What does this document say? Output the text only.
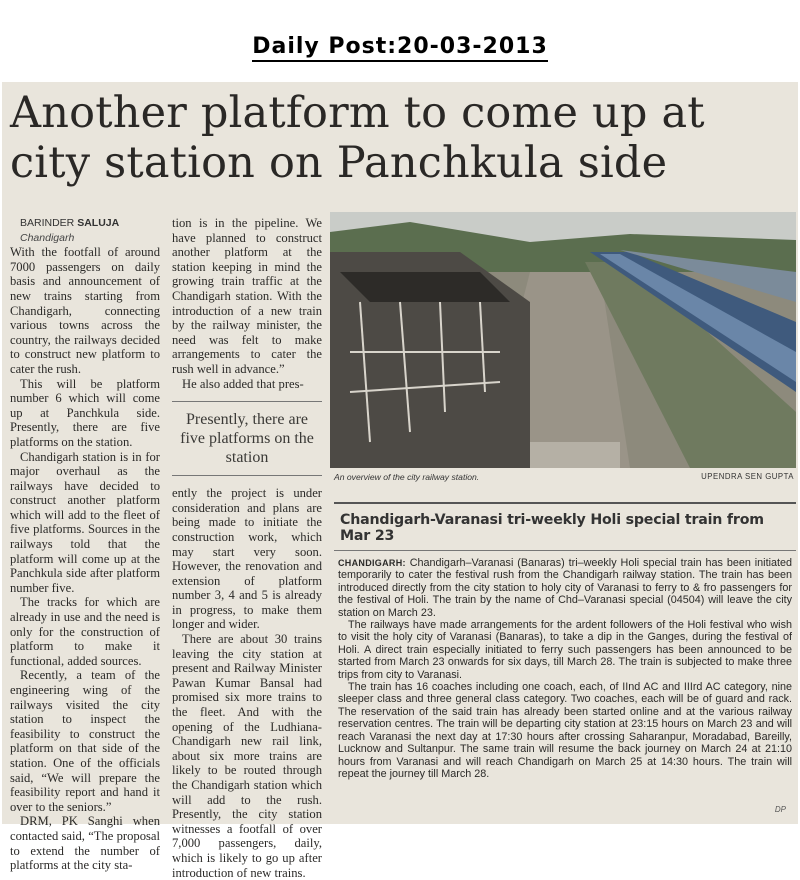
Daily Post:20-03-2013
Another platform to come up at city station on Panchkula side

BARINDER SALUJA

Chandigarh

With the footfall of around 7000 passengers on daily basis and announcement of new trains starting from Chandigarh, connecting various towns across the country, the railways decided to construct new platform to cater the rush.

This will be platform number 6 which will come up at Panchkula side. Presently, there are five platforms on the station.

Chandigarh station is in for major overhaul as the railways have decided to construct another platform which will add to the fleet of five platforms. Sources in the railways told that the platform will come up at the Panchkula side after platform number five.

The tracks for which are already in use and the need is only for the construction of platform to make it functional, added sources.

Recently, a team of the engineering wing of the railways visited the city station to inspect the feasibility to construct the platform on that side of the station. One of the officials said, “We will prepare the feasibility report and hand it over to the seniors.”

DRM, PK Sanghi when contacted said, “The proposal to extend the number of platforms at the city sta-

tion is in the pipeline. We have planned to construct another platform at the station keeping in mind the growing train traffic at the Chandigarh station. With the introduction of a new train by the railway minister, the need was felt to make arrangements to cater the rush well in advance.”

He also added that pres-

Presently, there are five platforms on the station

ently the project is under consideration and plans are being made to initiate the construction work, which may start very soon. However, the renovation and extension of platform number 3, 4 and 5 is already in progress, to make them longer and wider.

There are about 30 trains leaving the city station at present and Railway Minister Pawan Kumar Bansal had promised six more trains to the fleet. And with the opening of the Ludhiana-Chandigarh new rail link, about six more trains are likely to be routed through the Chandigarh station which will add to the rush. Presently, the city station witnesses a footfall of over 7,000 passengers, daily, which is likely to go up after introduction of new trains.

An overview of the city railway station.	UPENDRA SEN GUPTA
Chandigarh-Varanasi tri-weekly Holi special train from Mar 23

CHANDIGARH: Chandigarh–Varanasi (Banaras) tri–weekly Holi special train has been initiated temporarily to cater the festival rush from the Chandigarh railway station. The train has been introduced directly from the city station to holy city of Varanasi to ferry to & fro passengers for the festival of Holi. The train by the name of Chd–Varanasi special (04504) will leave the city station on March 23.

The railways have made arrangements for the ardent followers of the Holi festival who wish to visit the holy city of Varanasi (Banaras), to take a dip in the Ganges, during the festival of Holi. A direct train especially initiated to ferry such passengers has been announced to be started from March 23 onwards for six days, till March 28. The train is subjected to make three trips from city to Varanasi.

The train has 16 coaches including one coach, each, of IInd AC and IIIrd AC category, nine sleeper class and three general class category. Two coaches, each will be of guard and rack. The reservation of the said train has already been started online and at the various railway reservation centres. The train will be departing city station at 23:15 hours on March 23 and will reach Varanasi the next day at 17:30 hours after crossing Saharanpur, Moradabad, Bareilly, Lucknow and Sultanpur. The same train will resume the back journey on March 24 at 21:10 hours from Varanasi and will reach Chandigarh on March 25 at 14:30 hours. The train will repeat the journey till March 28.

DP
